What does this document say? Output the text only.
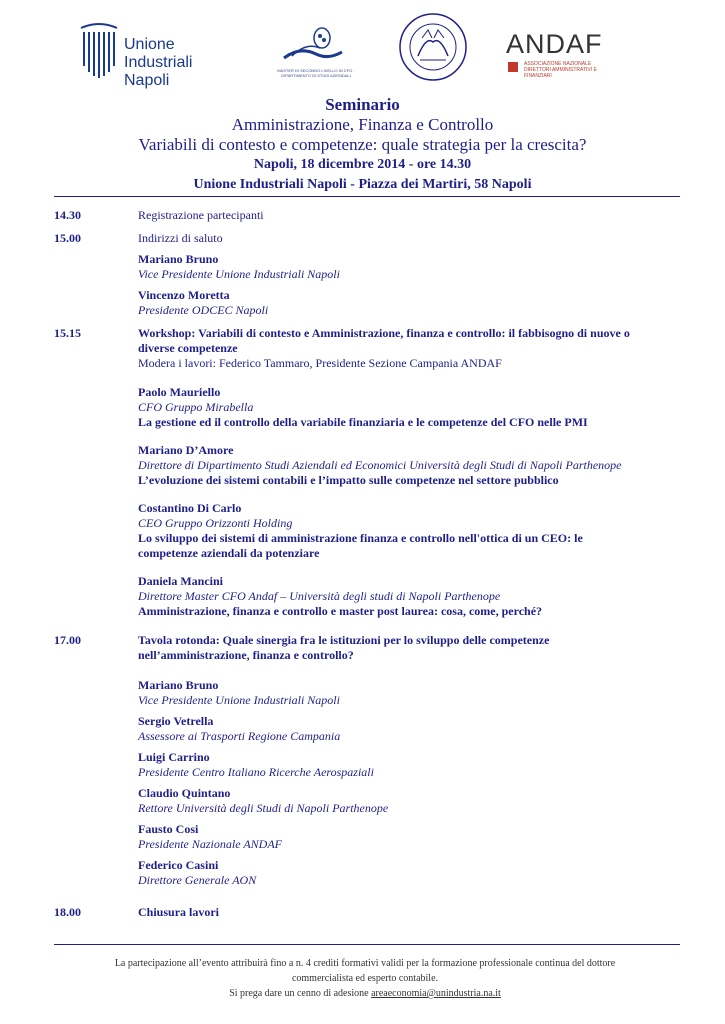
Unione Industriali
Napoli
MASTER DI SECONDO LIVELLO IN CFO · DIPARTIMENTO DI STUDI AZIENDALI
ANDAF
ASSOCIAZIONE NAZIONALE
DIRETTORI AMMINISTRATIVI E FINANZIARI
Seminario
Amministrazione, Finanza e Controllo
Variabili di contesto e competenze: quale strategia per la crescita?
Napoli, 18 dicembre 2014 - ore 14.30
Unione Industriali Napoli - Piazza dei Martiri, 58 Napoli
14.30	Registrazione partecipanti
15.00	Indirizzi di saluto
Mariano Bruno
Vice Presidente Unione Industriali Napoli
Vincenzo Moretta
Presidente ODCEC Napoli
15.15	Workshop: Variabili di contesto e Amministrazione, finanza e controllo: il fabbisogno di nuove o
diverse competenze
Modera i lavori: Federico Tammaro, Presidente Sezione Campania ANDAF
Paolo Mauriello
CFO Gruppo Mirabella
La gestione ed il controllo della variabile finanziaria e le competenze del CFO nelle PMI
Mariano D’Amore
Direttore di Dipartimento Studi Aziendali ed Economici Università degli Studi di Napoli Parthenope
L’evoluzione dei sistemi contabili e l’impatto sulle competenze nel settore pubblico
Costantino Di Carlo
CEO Gruppo Orizzonti Holding
Lo sviluppo dei sistemi di amministrazione finanza e controllo nell'ottica di un CEO: le
competenze aziendali da potenziare
Daniela Mancini
Direttore Master CFO Andaf – Università degli studi di Napoli Parthenope
Amministrazione, finanza e controllo e master post laurea: cosa, come, perché?
17.00	Tavola rotonda: Quale sinergia fra le istituzioni per lo sviluppo delle competenze
nell’amministrazione, finanza e controllo?
Mariano Bruno
Vice Presidente Unione Industriali Napoli
Sergio Vetrella
Assessore ai Trasporti Regione Campania
Luigi Carrino
Presidente Centro Italiano Ricerche Aerospaziali
Claudio Quintano
Rettore Università degli Studi di Napoli Parthenope
Fausto Cosi
Presidente Nazionale ANDAF
Federico Casini
Direttore Generale AON
18.00	Chiusura lavori
La partecipazione all’evento attribuirà fino a n. 4 crediti formativi validi per la formazione professionale continua del dottore
commercialista ed esperto contabile.
Si prega dare un cenno di adesione areaeconomia@unindustria.na.it
